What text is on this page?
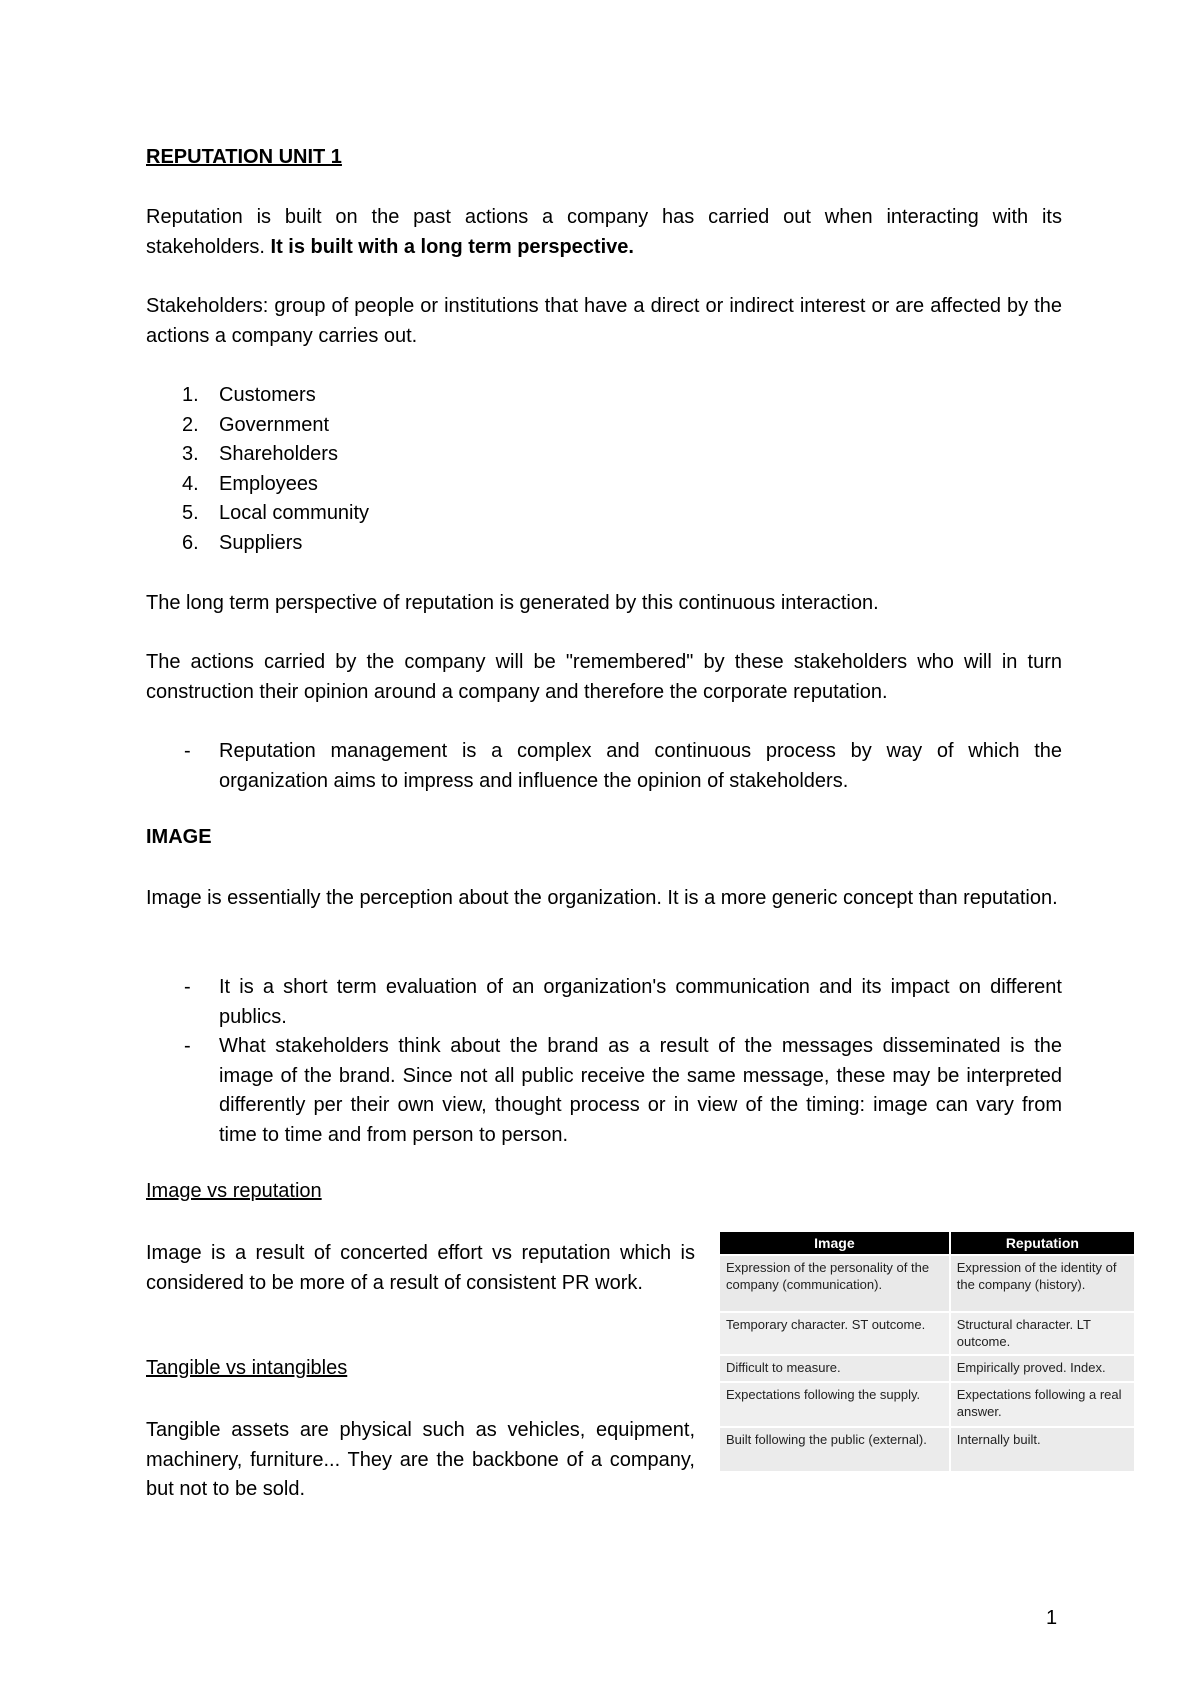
REPUTATION UNIT 1

Reputation is built on the past actions a company has carried out when interacting with its stakeholders. It is built with a long term perspective.

Stakeholders: group of people or institutions that have a direct or indirect interest or are affected by the actions a company carries out.

1. Customers
2. Government
3. Shareholders
4. Employees
5. Local community
6. Suppliers

The long term perspective of reputation is generated by this continuous interaction.

The actions carried by the company will be "remembered" by these stakeholders who will in turn construction their opinion around a company and therefore the corporate reputation.

- Reputation management is a complex and continuous process by way of which the organization aims to impress and influence the opinion of stakeholders.
IMAGE

Image is essentially the perception about the organization. It is a more generic concept than reputation.

- It is a short term evaluation of an organization's communication and its impact on different publics.
- What stakeholders think about the brand as a result of the messages disseminated is the image of the brand. Since not all public receive the same message, these may be interpreted differently per their own view, thought process or in view of the timing: image can vary from time to time and from person to person.
Image vs reputation

Image is a result of concerted effort vs reputation which is considered to be more of a result of consistent PR work.

Tangible vs intangibles

Tangible assets are physical such as vehicles, equipment, machinery, furniture... They are the backbone of a company, but not to be sold.

Image	Reputation
Expression of the personality of the company (communication).	Expression of the identity of the company (history).
Temporary character. ST outcome.	Structural character. LT outcome.
Difficult to measure.	Empirically proved. Index.
Expectations following the supply.	Expectations following a real answer.
Built following the public (external).	Internally built.
1
